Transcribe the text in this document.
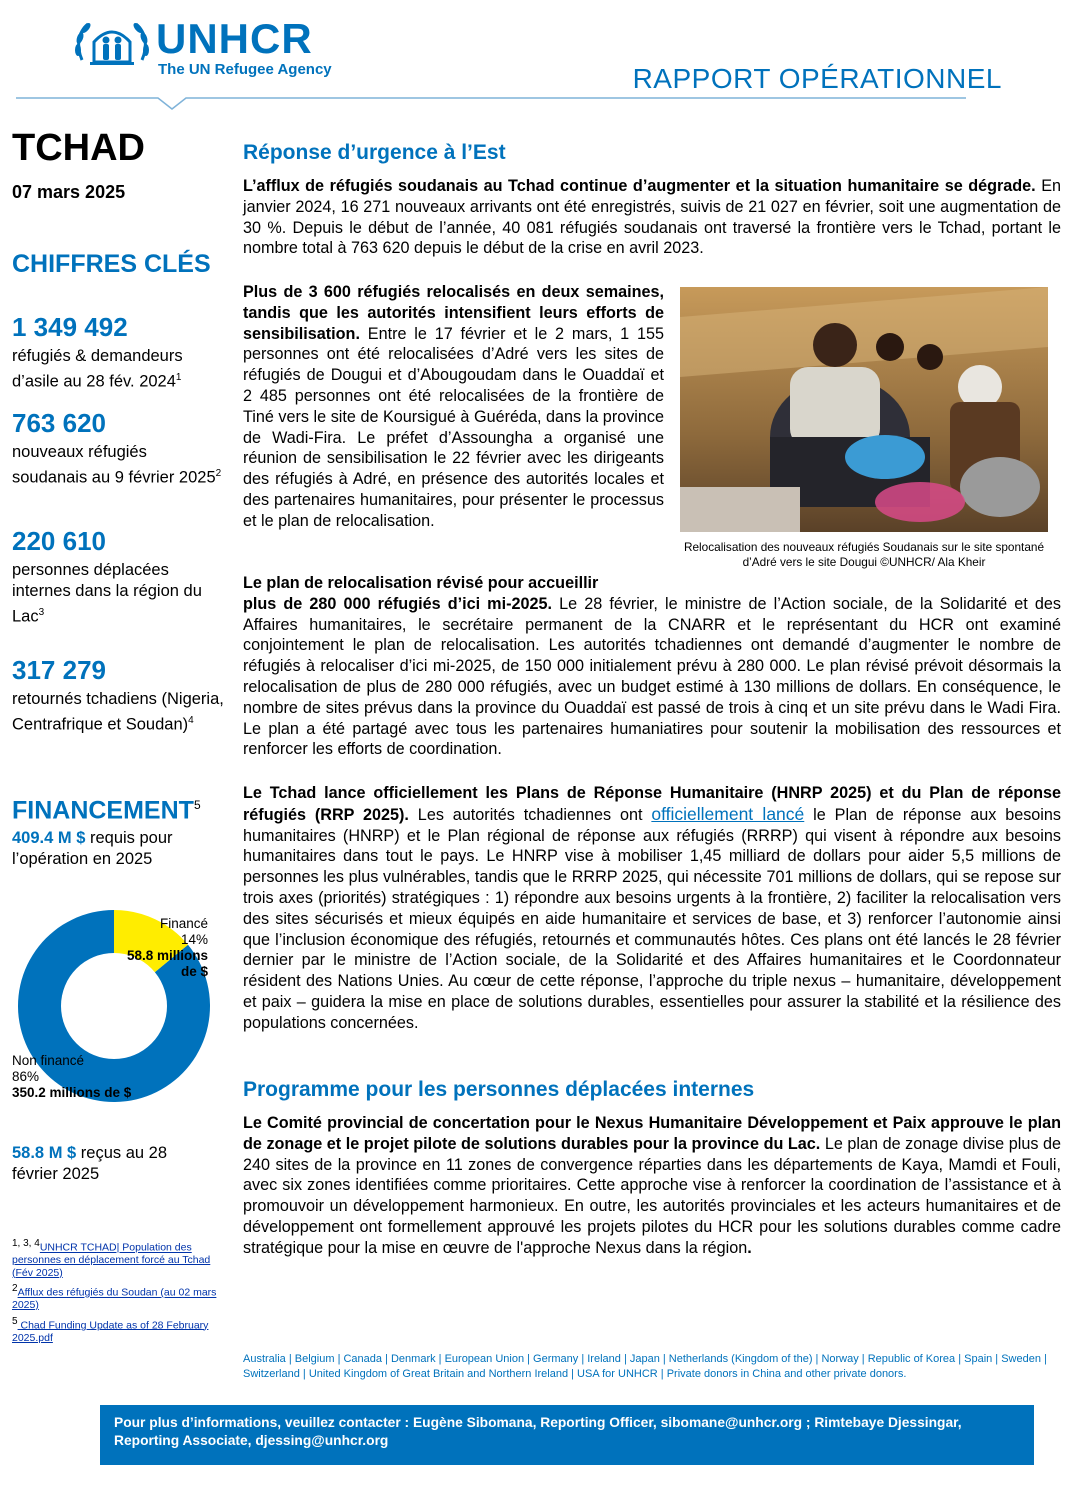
UNHCR
The UN Refugee Agency	RAPPORT OPÉRATIONNEL
TCHAD
07 mars 2025
CHIFFRES CLÉS
1 349 492
réfugiés & demandeurs d’asile au 28 fév. 2024$^1$
763 620
nouveaux réfugiés soudanais au 9 février 2025$^2$
220 610
personnes déplacées internes dans la région du Lac$^3$
317 279
retournés tchadiens (Nigeria, Centrafrique et Soudan)$^4$
FINANCEMENT$^5$
409.4 M $ requis pour l’opération en 2025
Financé
14%
58.8 millions de $
Non financé
86%
350.2 millions de $
58.8 M $ reçus au 28 février 2025
$^{1, 3, 4}$UNHCR TCHAD| Population des personnes en déplacement forcé au Tchad (Fév 2025)
$^2$Afflux des réfugiés du Soudan (au 02 mars 2025)
$^5$ Chad Funding Update as of 28 February 2025.pdf
Réponse d’urgence à l’Est
L’afflux de réfugiés soudanais au Tchad continue d’augmenter et la situation humanitaire se dégrade. En janvier 2024, 16 271 nouveaux arrivants ont été enregistrés, suivis de 21 027 en février, soit une augmentation de 30 %. Depuis le début de l’année, 40 081 réfugiés soudanais ont traversé la frontière vers le Tchad, portant le nombre total à 763 620 depuis le début de la crise en avril 2023.
Plus de 3 600 réfugiés relocalisés en deux semaines, tandis que les autorités intensifient leurs efforts de sensibilisation. Entre le 17 février et le 2 mars, 1 155 personnes ont été relocalisées d’Adré vers les sites de réfugiés de Dougui et d’Abougoudam dans le Ouaddaï et 2 485 personnes ont été relocalisées de la frontière de Tiné vers le site de Koursigué à Guéréda, dans la province de Wadi-Fira. Le préfet d’Assoungha a organisé une réunion de sensibilisation le 22 février avec les dirigeants des réfugiés à Adré, en présence des autorités locales et des partenaires humanitaires, pour présenter le processus et le plan de relocalisation.
Relocalisation des nouveaux réfugiés Soudanais sur le site spontané d’Adré vers le site Dougui ©UNHCR/ Ala Kheir
Le plan de relocalisation révisé pour accueillir
plus de 280 000 réfugiés d’ici mi-2025. Le 28 février, le ministre de l’Action sociale, de la Solidarité et des Affaires humanitaires, le secrétaire permanent de la CNARR et le représentant du HCR ont examiné conjointement le plan de relocalisation. Les autorités tchadiennes ont demandé d’augmenter le nombre de réfugiés à relocaliser d’ici mi-2025, de 150 000 initialement prévu à 280 000. Le plan révisé prévoit désormais la relocalisation de plus de 280 000 réfugiés, avec un budget estimé à 130 millions de dollars. En conséquence, le nombre de sites prévus dans la province du Ouaddaï est passé de trois à cinq et un site prévu dans le Wadi Fira. Le plan a été partagé avec tous les partenaires humaniatires pour soutenir la mobilisation des ressources et renforcer les efforts de coordination.
Le Tchad lance officiellement les Plans de Réponse Humanitaire (HNRP 2025) et du Plan de réponse réfugiés (RRP 2025). Les autorités tchadiennes ont officiellement lancé le Plan de réponse aux besoins humanitaires (HNRP) et le Plan régional de réponse aux réfugiés (RRRP) qui visent à répondre aux besoins humanitaires dans tout le pays. Le HNRP vise à mobiliser 1,45 milliard de dollars pour aider 5,5 millions de personnes les plus vulnérables, tandis que le RRRP 2025, qui nécessite 701 millions de dollars, qui se repose sur trois axes (priorités) stratégiques : 1) répondre aux besoins urgents à la frontière, 2) faciliter la relocalisation vers des sites sécurisés et mieux équipés en aide humanitaire et services de base, et 3) renforcer l’autonomie ainsi que l’inclusion économique des réfugiés, retournés et communautés hôtes. Ces plans ont été lancés le 28 février dernier par le ministre de l’Action sociale, de la Solidarité et des Affaires humanitaires et le Coordonnateur résident des Nations Unies. Au cœur de cette réponse, l’approche du triple nexus – humanitaire, développement et paix – guidera la mise en place de solutions durables, essentielles pour assurer la stabilité et la résilience des populations concernées.
Programme pour les personnes déplacées internes
Le Comité provincial de concertation pour le Nexus Humanitaire Développement et Paix approuve le plan de zonage et le projet pilote de solutions durables pour la province du Lac. Le plan de zonage divise plus de 240 sites de la province en 11 zones de convergence réparties dans les départements de Kaya, Mamdi et Fouli, avec six zones identifiées comme prioritaires. Cette approche vise à renforcer la coordination de l’assistance et à promouvoir un développement harmonieux. En outre, les autorités provinciales et les acteurs humanitaires et de développement ont formellement approuvé les projets pilotes du HCR pour les solutions durables comme cadre stratégique pour la mise en œuvre de l'approche Nexus dans la région.
Australia | Belgium | Canada | Denmark | European Union | Germany | Ireland | Japan | Netherlands (Kingdom of the) | Norway | Republic of Korea | Spain | Sweden | Switzerland | United Kingdom of Great Britain and Northern Ireland | USA for UNHCR | Private donors in China and other private donors.
Pour plus d’informations, veuillez contacter : Eugène Sibomana, Reporting Officer, sibomane@unhcr.org ; Rimtebaye Djessingar, Reporting Associate, djessing@unhcr.org
